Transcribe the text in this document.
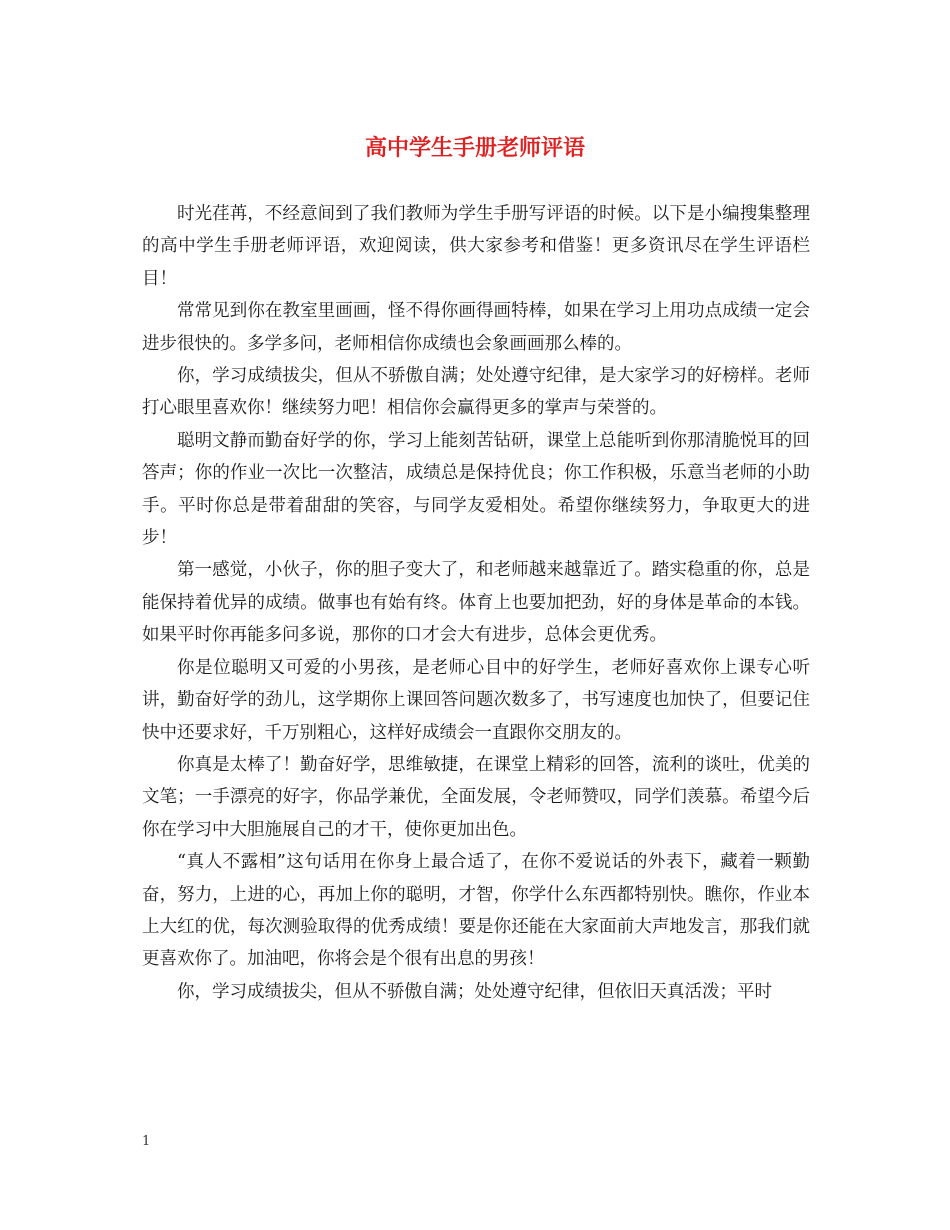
高中学生手册老师评语

时光荏苒，不经意间到了我们教师为学生手册写评语的时候。以下是小编搜集整理的高中学生手册老师评语，欢迎阅读，供大家参考和借鉴！更多资讯尽在学生评语栏目！

常常见到你在教室里画画，怪不得你画得画特棒，如果在学习上用功点成绩一定会进步很快的。多学多问，老师相信你成绩也会象画画那么棒的。

你，学习成绩拔尖，但从不骄傲自满；处处遵守纪律，是大家学习的好榜样。老师打心眼里喜欢你！继续努力吧！相信你会赢得更多的掌声与荣誉的。

聪明文静而勤奋好学的你，学习上能刻苦钻研，课堂上总能听到你那清脆悦耳的回答声；你的作业一次比一次整洁，成绩总是保持优良；你工作积极，乐意当老师的小助手。平时你总是带着甜甜的笑容，与同学友爱相处。希望你继续努力，争取更大的进步！

第一感觉，小伙子，你的胆子变大了，和老师越来越靠近了。踏实稳重的你，总是能保持着优异的成绩。做事也有始有终。体育上也要加把劲，好的身体是革命的本钱。如果平时你再能多问多说，那你的口才会大有进步，总体会更优秀。

你是位聪明又可爱的小男孩，是老师心目中的好学生，老师好喜欢你上课专心听讲，勤奋好学的劲儿，这学期你上课回答问题次数多了，书写速度也加快了，但要记住快中还要求好，千万别粗心，这样好成绩会一直跟你交朋友的。

你真是太棒了！勤奋好学，思维敏捷，在课堂上精彩的回答，流利的谈吐，优美的文笔；一手漂亮的好字，你品学兼优，全面发展，令老师赞叹，同学们羡慕。希望今后你在学习中大胆施展自己的才干，使你更加出色。

“真人不露相”这句话用在你身上最合适了，在你不爱说话的外表下，藏着一颗勤奋，努力，上进的心，再加上你的聪明，才智，你学什么东西都特别快。瞧你，作业本上大红的优，每次测验取得的优秀成绩！要是你还能在大家面前大声地发言，那我们就更喜欢你了。加油吧，你将会是个很有出息的男孩！

你，学习成绩拔尖，但从不骄傲自满；处处遵守纪律，但依旧天真活泼；平时

1
